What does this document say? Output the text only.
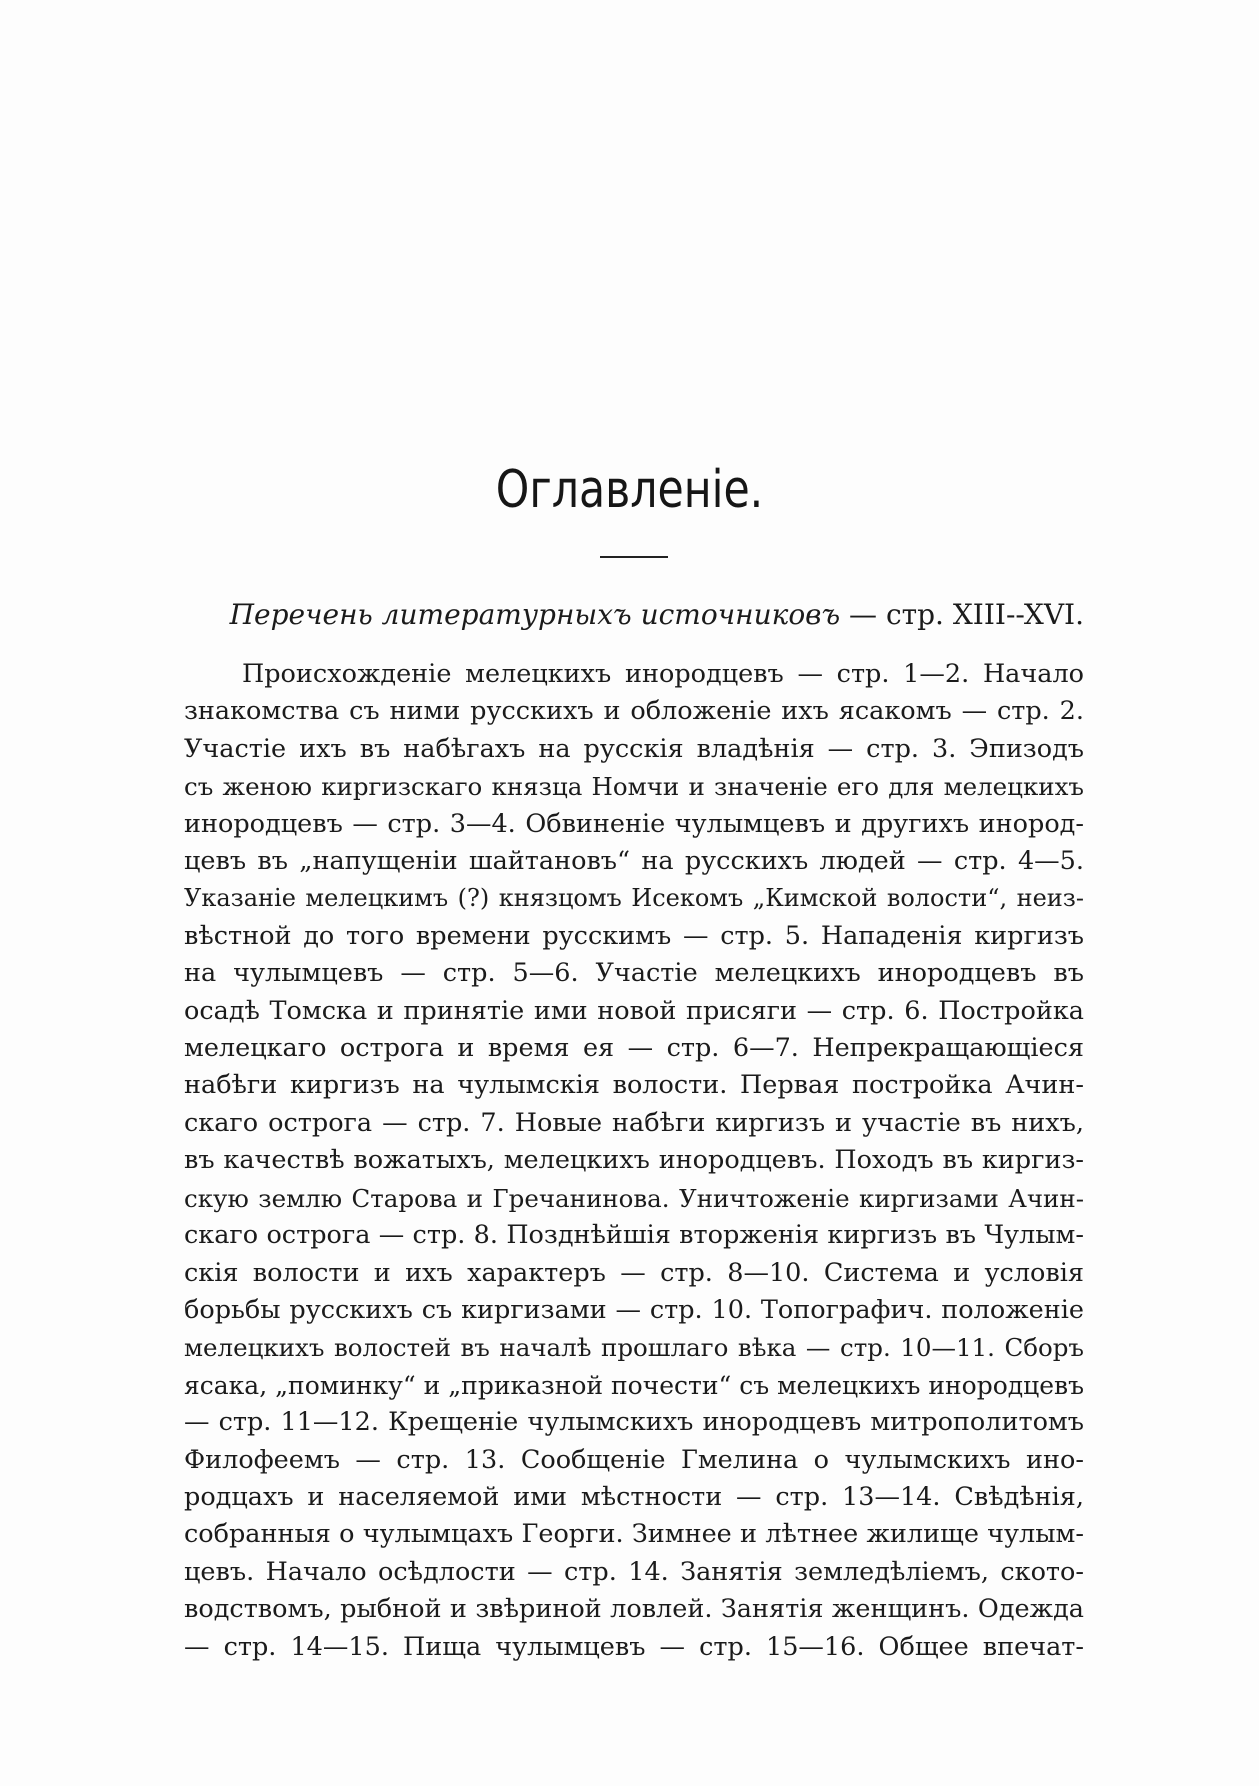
Оглавленіе.
Перечень литературныхъ источниковъ — стр. XIII--XVI.
Происхожденіе мелецкихъ инородцевъ — стр. 1—2. Начало
знакомства съ ними русскихъ и обложеніе ихъ ясакомъ — стр. 2.
Участіе ихъ въ набѣгахъ на русскія владѣнія — стр. 3. Эпизодъ
съ женою киргизскаго князца Номчи и значеніе его для мелецкихъ
инородцевъ — стр. 3—4. Обвиненіе чулымцевъ и другихъ инород-
цевъ въ „напущеніи шайтановъ“ на русскихъ людей — стр. 4—5.
Указаніе мелецкимъ (?) князцомъ Исекомъ „Кимской волости“, неиз-
вѣстной до того времени русскимъ — стр. 5. Нападенія киргизъ
на чулымцевъ — стр. 5—6. Участіе мелецкихъ инородцевъ въ
осадѣ Томска и принятіе ими новой присяги — стр. 6. Постройка
мелецкаго острога и время ея — стр. 6—7. Непрекращающіеся
набѣги киргизъ на чулымскія волости. Первая постройка Ачин-
скаго острога — стр. 7. Новые набѣги киргизъ и участіе въ нихъ,
въ качествѣ вожатыхъ, мелецкихъ инородцевъ. Походъ въ киргиз-
скую землю Старова и Гречанинова. Уничтоженіе киргизами Ачин-
скаго острога — стр. 8. Позднѣйшія вторженія киргизъ въ Чулым-
скія волости и ихъ характеръ — стр. 8—10. Система и условія
борьбы русскихъ съ киргизами — стр. 10. Топографич. положеніе
мелецкихъ волостей въ началѣ прошлаго вѣка — стр. 10—11. Сборъ
ясака, „поминку“ и „приказной почести“ съ мелецкихъ инородцевъ
— стр. 11—12. Крещеніе чулымскихъ инородцевъ митрополитомъ
Филофеемъ — стр. 13. Сообщеніе Гмелина о чулымскихъ ино-
родцахъ и населяемой ими мѣстности — стр. 13—14. Свѣдѣнія,
собранныя о чулымцахъ Георги. Зимнее и лѣтнее жилище чулым-
цевъ. Начало осѣдлости — стр. 14. Занятія земледѣліемъ, ското-
водствомъ, рыбной и звѣриной ловлей. Занятія женщинъ. Одежда
— стр. 14—15. Пища чулымцевъ — стр. 15—16. Общее впечат-
